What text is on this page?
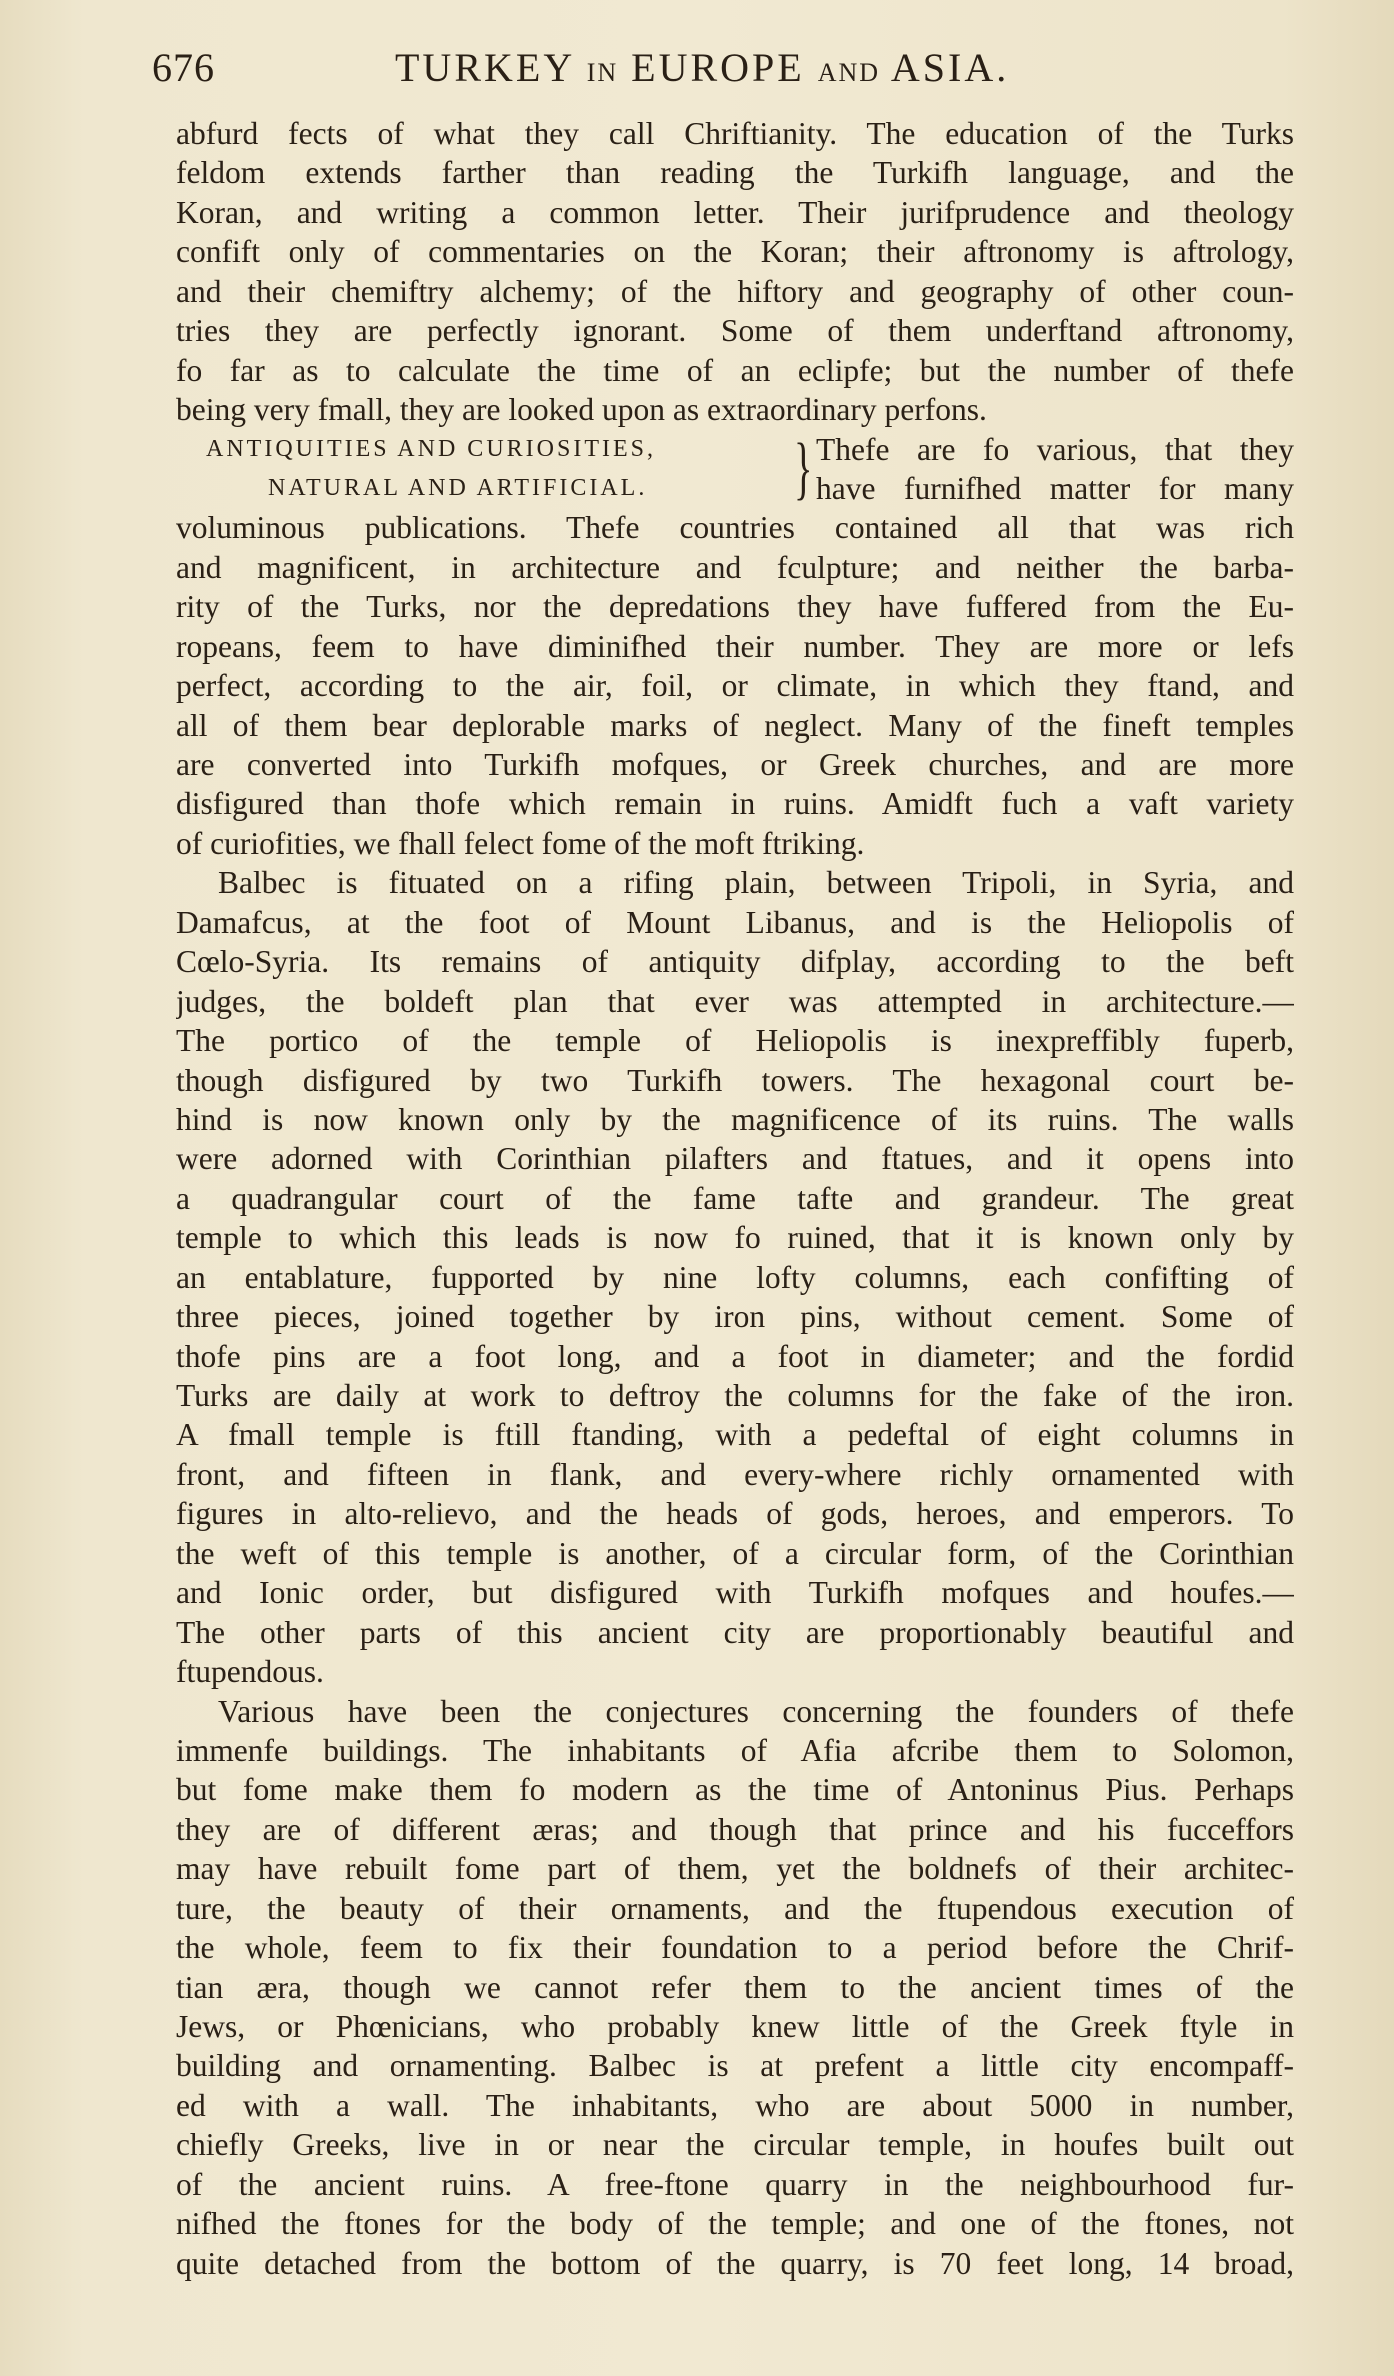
676	TURKEY IN EUROPE AND ASIA.
abfurd fects of what they call Chriftianity. The education of the Turks
feldom extends farther than reading the Turkifh language, and the
Koran, and writing a common letter. Their jurifprudence and theology
confift only of commentaries on the Koran; their aftronomy is aftrology,
and their chemiftry alchemy; of the hiftory and geography of other coun-
tries they are perfectly ignorant. Some of them underftand aftronomy,
fo far as to calculate the time of an eclipfe; but the number of thefe
being very fmall, they are looked upon as extraordinary perfons.
ANTIQUITIES AND CURIOSITIES,
NATURAL AND ARTIFICIAL.	} Thefe are fo various, that they
have furnifhed matter for many
voluminous publications. Thefe countries contained all that was rich
and magnificent, in architecture and fculpture; and neither the barba-
rity of the Turks, nor the depredations they have fuffered from the Eu-
ropeans, feem to have diminifhed their number. They are more or lefs
perfect, according to the air, foil, or climate, in which they ftand, and
all of them bear deplorable marks of neglect. Many of the fineft temples
are converted into Turkifh mofques, or Greek churches, and are more
disfigured than thofe which remain in ruins. Amidft fuch a vaft variety
of curiofities, we fhall felect fome of the moft ftriking.
Balbec is fituated on a rifing plain, between Tripoli, in Syria, and
Damafcus, at the foot of Mount Libanus, and is the Heliopolis of
Cœlo-Syria. Its remains of antiquity difplay, according to the beft
judges, the boldeft plan that ever was attempted in architecture.—
The portico of the temple of Heliopolis is inexpreffibly fuperb,
though disfigured by two Turkifh towers. The hexagonal court be-
hind is now known only by the magnificence of its ruins. The walls
were adorned with Corinthian pilafters and ftatues, and it opens into
a quadrangular court of the fame tafte and grandeur. The great
temple to which this leads is now fo ruined, that it is known only by
an entablature, fupported by nine lofty columns, each confifting of
three pieces, joined together by iron pins, without cement. Some of
thofe pins are a foot long, and a foot in diameter; and the fordid
Turks are daily at work to deftroy the columns for the fake of the iron.
A fmall temple is ftill ftanding, with a pedeftal of eight columns in
front, and fifteen in flank, and every-where richly ornamented with
figures in alto-relievo, and the heads of gods, heroes, and emperors. To
the weft of this temple is another, of a circular form, of the Corinthian
and Ionic order, but disfigured with Turkifh mofques and houfes.—
The other parts of this ancient city are proportionably beautiful and
ftupendous.
Various have been the conjectures concerning the founders of thefe
immenfe buildings. The inhabitants of Afia afcribe them to Solomon,
but fome make them fo modern as the time of Antoninus Pius. Perhaps
they are of different æras; and though that prince and his fucceffors
may have rebuilt fome part of them, yet the boldnefs of their architec-
ture, the beauty of their ornaments, and the ftupendous execution of
the whole, feem to fix their foundation to a period before the Chrif-
tian æra, though we cannot refer them to the ancient times of the
Jews, or Phœnicians, who probably knew little of the Greek ftyle in
building and ornamenting. Balbec is at prefent a little city encompaff-
ed with a wall. The inhabitants, who are about 5000 in number,
chiefly Greeks, live in or near the circular temple, in houfes built out
of the ancient ruins. A free-ftone quarry in the neighbourhood fur-
nifhed the ftones for the body of the temple; and one of the ftones, not
quite detached from the bottom of the quarry, is 70 feet long, 14 broad,
